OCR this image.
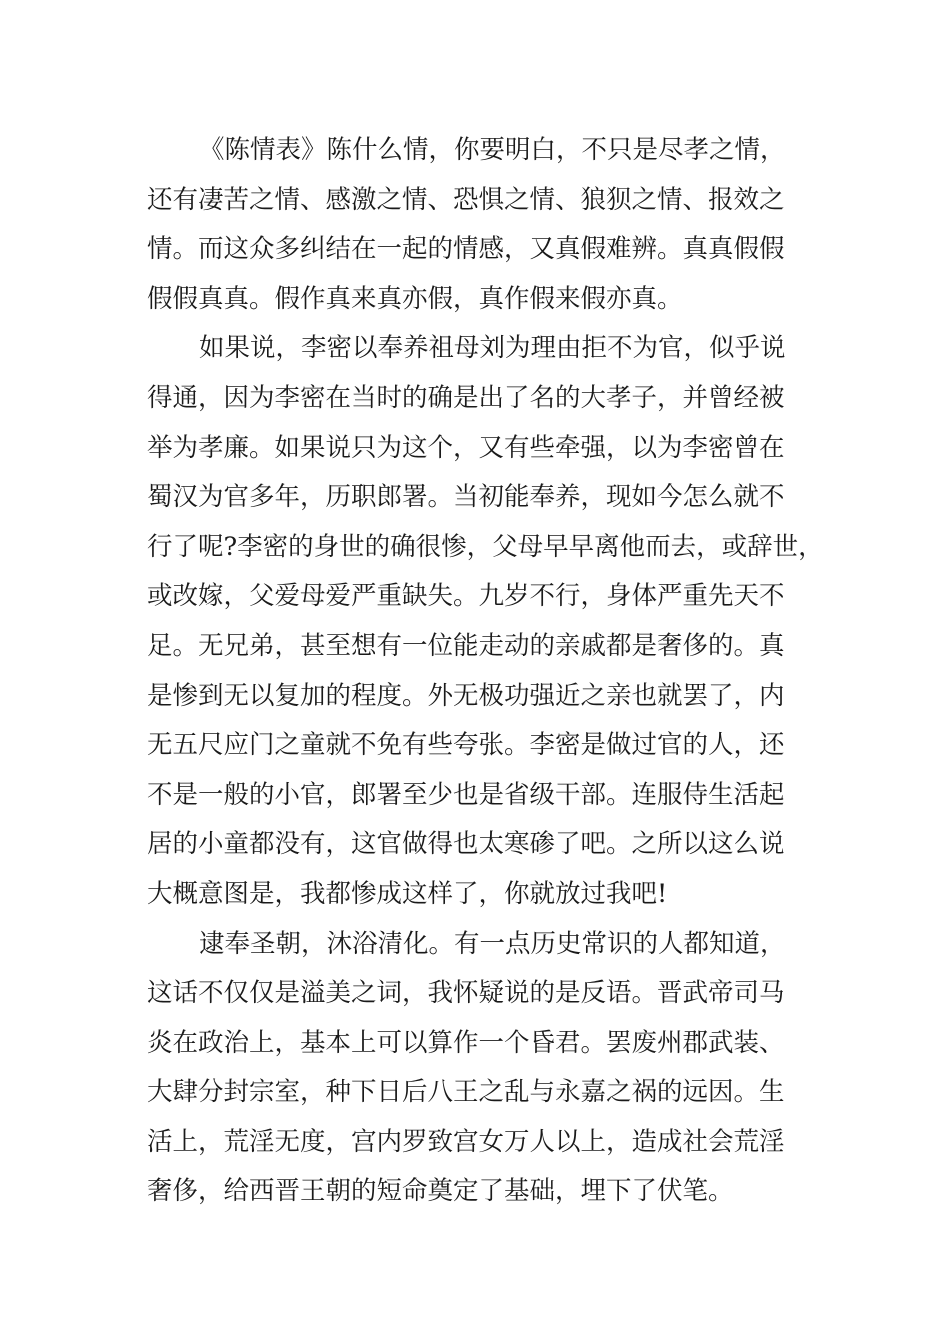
《陈情表》陈什么情，你要明白，不只是尽孝之情，
还有凄苦之情、感激之情、恐惧之情、狼狈之情、报效之
情。而这众多纠结在一起的情感，又真假难辨。真真假假
假假真真。假作真来真亦假，真作假来假亦真。
如果说，李密以奉养祖母刘为理由拒不为官，似乎说
得通，因为李密在当时的确是出了名的大孝子，并曾经被
举为孝廉。如果说只为这个，又有些牵强，以为李密曾在
蜀汉为官多年，历职郎署。当初能奉养，现如今怎么就不
行了呢?李密的身世的确很惨，父母早早离他而去，或辞世，
或改嫁，父爱母爱严重缺失。九岁不行，身体严重先天不
足。无兄弟，甚至想有一位能走动的亲戚都是奢侈的。真
是惨到无以复加的程度。外无极功强近之亲也就罢了，内
无五尺应门之童就不免有些夸张。李密是做过官的人，还
不是一般的小官，郎署至少也是省级干部。连服侍生活起
居的小童都没有，这官做得也太寒碜了吧。之所以这么说
大概意图是，我都惨成这样了，你就放过我吧!
逮奉圣朝，沐浴清化。有一点历史常识的人都知道，
这话不仅仅是溢美之词，我怀疑说的是反语。晋武帝司马
炎在政治上，基本上可以算作一个昏君。罢废州郡武装、
大肆分封宗室，种下日后八王之乱与永嘉之祸的远因。生
活上，荒淫无度，宫内罗致宫女万人以上，造成社会荒淫
奢侈，给西晋王朝的短命奠定了基础，埋下了伏笔。
